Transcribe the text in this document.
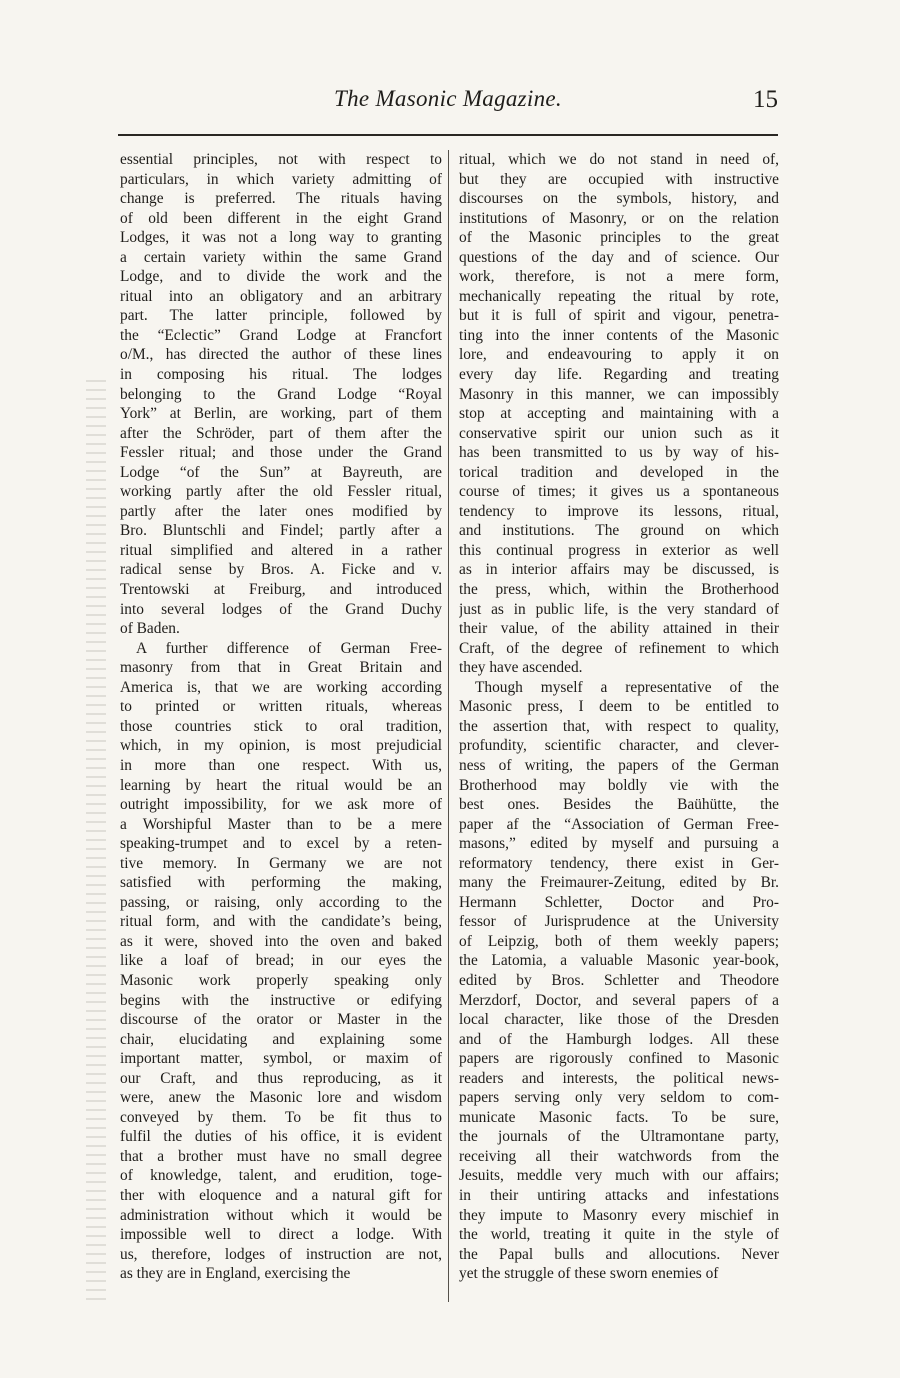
The Masonic Magazine.	15
essential principles, not with respect to
particulars, in which variety admitting of
change is preferred. The rituals having
of old been different in the eight Grand
Lodges, it was not a long way to granting
a certain variety within the same Grand
Lodge, and to divide the work and the
ritual into an obligatory and an arbitrary
part. The latter principle, followed by
the “Eclectic” Grand Lodge at Francfort
o/M., has directed the author of these lines
in composing his ritual. The lodges
belonging to the Grand Lodge “Royal
York” at Berlin, are working, part of them
after the Schröder, part of them after the
Fessler ritual; and those under the Grand
Lodge “of the Sun” at Bayreuth, are
working partly after the old Fessler ritual,
partly after the later ones modified by
Bro. Bluntschli and Findel; partly after a
ritual simplified and altered in a rather
radical sense by Bros. A. Ficke and v.
Trentowski at Freiburg, and introduced
into several lodges of the Grand Duchy
of Baden.
A further difference of German Free-
masonry from that in Great Britain and
America is, that we are working according
to printed or written rituals, whereas
those countries stick to oral tradition,
which, in my opinion, is most prejudicial
in more than one respect. With us,
learning by heart the ritual would be an
outright impossibility, for we ask more of
a Worshipful Master than to be a mere
speaking-trumpet and to excel by a reten-
tive memory. In Germany we are not
satisfied with performing the making,
passing, or raising, only according to the
ritual form, and with the candidate’s being,
as it were, shoved into the oven and baked
like a loaf of bread; in our eyes the
Masonic work properly speaking only
begins with the instructive or edifying
discourse of the orator or Master in the
chair, elucidating and explaining some
important matter, symbol, or maxim of
our Craft, and thus reproducing, as it
were, anew the Masonic lore and wisdom
conveyed by them. To be fit thus to
fulfil the duties of his office, it is evident
that a brother must have no small degree
of knowledge, talent, and erudition, toge-
ther with eloquence and a natural gift for
administration without which it would be
impossible well to direct a lodge. With
us, therefore, lodges of instruction are not,
as they are in England, exercising the
ritual, which we do not stand in need of,
but they are occupied with instructive
discourses on the symbols, history, and
institutions of Masonry, or on the relation
of the Masonic principles to the great
questions of the day and of science. Our
work, therefore, is not a mere form,
mechanically repeating the ritual by rote,
but it is full of spirit and vigour, penetra-
ting into the inner contents of the Masonic
lore, and endeavouring to apply it on
every day life. Regarding and treating
Masonry in this manner, we can impossibly
stop at accepting and maintaining with a
conservative spirit our union such as it
has been transmitted to us by way of his-
torical tradition and developed in the
course of times; it gives us a spontaneous
tendency to improve its lessons, ritual,
and institutions. The ground on which
this continual progress in exterior as well
as in interior affairs may be discussed, is
the press, which, within the Brotherhood
just as in public life, is the very standard of
their value, of the ability attained in their
Craft, of the degree of refinement to which
they have ascended.
Though myself a representative of the
Masonic press, I deem to be entitled to
the assertion that, with respect to quality,
profundity, scientific character, and clever-
ness of writing, the papers of the German
Brotherhood may boldly vie with the
best ones. Besides the Baühütte, the
paper af the “Association of German Free-
masons,” edited by myself and pursuing a
reformatory tendency, there exist in Ger-
many the Freimaurer-Zeitung, edited by Br.
Hermann Schletter, Doctor and Pro-
fessor of Jurisprudence at the University
of Leipzig, both of them weekly papers;
the Latomia, a valuable Masonic year-book,
edited by Bros. Schletter and Theodore
Merzdorf, Doctor, and several papers of a
local character, like those of the Dresden
and of the Hamburgh lodges. All these
papers are rigorously confined to Masonic
readers and interests, the political news-
papers serving only very seldom to com-
municate Masonic facts. To be sure,
the journals of the Ultramontane party,
receiving all their watchwords from the
Jesuits, meddle very much with our affairs;
in their untiring attacks and infestations
they impute to Masonry every mischief in
the world, treating it quite in the style of
the Papal bulls and allocutions. Never
yet the struggle of these sworn enemies of
